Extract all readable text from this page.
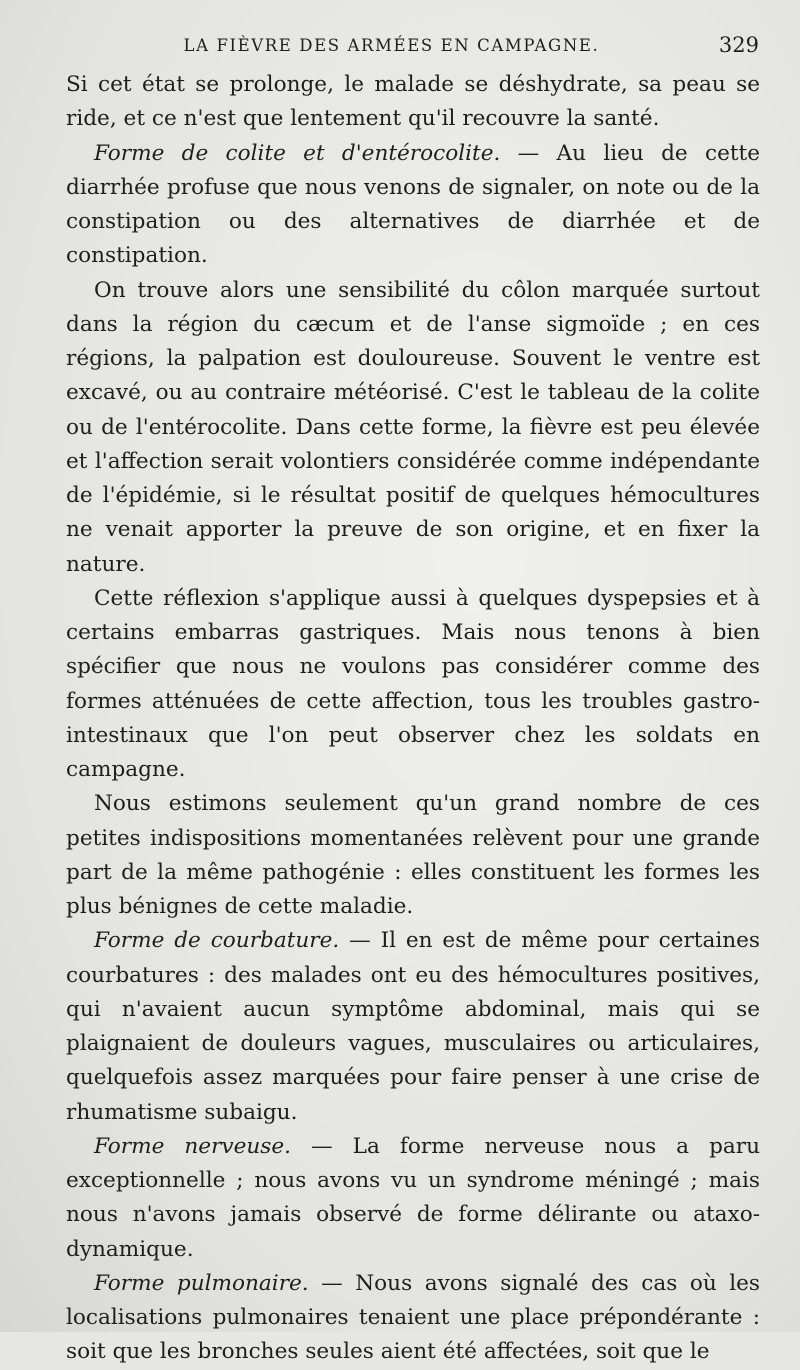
LA FIÈVRE DES ARMÉES EN CAMPAGNE.	329

Si cet état se prolonge, le malade se déshydrate, sa peau se ride, et ce n'est que lentement qu'il recouvre la santé.

Forme de colite et d'entérocolite. — Au lieu de cette diarrhée profuse que nous venons de signaler, on note ou de la constipation ou des alternatives de diarrhée et de constipation.

On trouve alors une sensibilité du côlon marquée surtout dans la région du cæcum et de l'anse sigmoïde ; en ces régions, la palpation est douloureuse. Souvent le ventre est excavé, ou au contraire météorisé. C'est le tableau de la colite ou de l'entérocolite. Dans cette forme, la fièvre est peu élevée et l'affection serait volontiers considérée comme indépendante de l'épidémie, si le résultat positif de quelques hémocultures ne venait apporter la preuve de son origine, et en fixer la nature.

Cette réflexion s'applique aussi à quelques dyspepsies et à certains embarras gastriques. Mais nous tenons à bien spécifier que nous ne voulons pas considérer comme des formes atténuées de cette affection, tous les troubles gastro-intestinaux que l'on peut observer chez les soldats en campagne.

Nous estimons seulement qu'un grand nombre de ces petites indispositions momentanées relèvent pour une grande part de la même pathogénie : elles constituent les formes les plus bénignes de cette maladie.

Forme de courbature. — Il en est de même pour certaines courbatures : des malades ont eu des hémocultures positives, qui n'avaient aucun symptôme abdominal, mais qui se plaignaient de douleurs vagues, musculaires ou articulaires, quelquefois assez marquées pour faire penser à une crise de rhumatisme subaigu.

Forme nerveuse. — La forme nerveuse nous a paru exceptionnelle ; nous avons vu un syndrome méningé ; mais nous n'avons jamais observé de forme délirante ou ataxo-dynamique.

Forme pulmonaire. — Nous avons signalé des cas où les localisations pulmonaires tenaient une place prépondérante : soit que les bronches seules aient été affectées, soit que le
